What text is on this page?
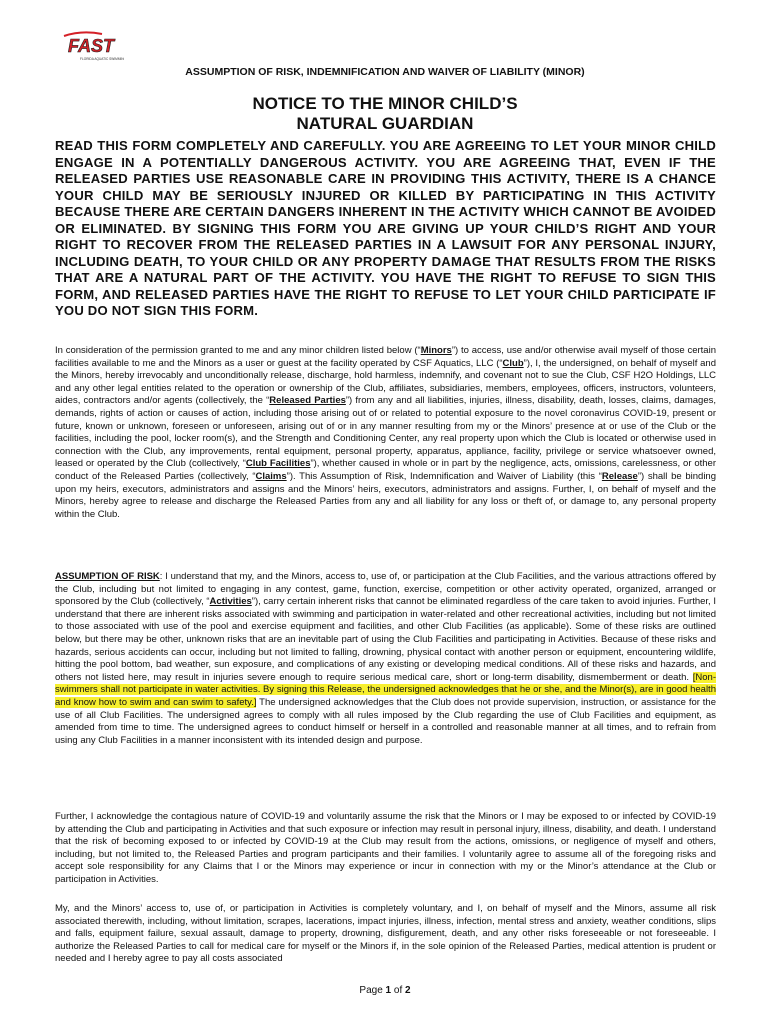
FAST
FLORIDA AQUATIC SWIMMING
ASSUMPTION OF RISK, INDEMNIFICATION AND WAIVER OF LIABILITY (MINOR)
NOTICE TO THE MINOR CHILD’S
NATURAL GUARDIAN
READ THIS FORM COMPLETELY AND CAREFULLY. YOU ARE AGREEING TO LET YOUR MINOR CHILD ENGAGE IN A POTENTIALLY DANGEROUS ACTIVITY. YOU ARE AGREEING THAT, EVEN IF THE RELEASED PARTIES USE REASONABLE CARE IN PROVIDING THIS ACTIVITY, THERE IS A CHANCE YOUR CHILD MAY BE SERIOUSLY INJURED OR KILLED BY PARTICIPATING IN THIS ACTIVITY BECAUSE THERE ARE CERTAIN DANGERS INHERENT IN THE ACTIVITY WHICH CANNOT BE AVOIDED OR ELIMINATED. BY SIGNING THIS FORM YOU ARE GIVING UP YOUR CHILD’S RIGHT AND YOUR RIGHT TO RECOVER FROM THE RELEASED PARTIES IN A LAWSUIT FOR ANY PERSONAL INJURY, INCLUDING DEATH, TO YOUR CHILD OR ANY PROPERTY DAMAGE THAT RESULTS FROM THE RISKS THAT ARE A NATURAL PART OF THE ACTIVITY. YOU HAVE THE RIGHT TO REFUSE TO SIGN THIS FORM, AND RELEASED PARTIES HAVE THE RIGHT TO REFUSE TO LET YOUR CHILD PARTICIPATE IF YOU DO NOT SIGN THIS FORM.
In consideration of the permission granted to me and any minor children listed below (“Minors”) to access, use and/or otherwise avail myself of those certain facilities available to me and the Minors as a user or guest at the facility operated by CSF Aquatics, LLC (“Club”), I, the undersigned, on behalf of myself and the Minors, hereby irrevocably and unconditionally release, discharge, hold harmless, indemnify, and covenant not to sue the Club, CSF H2O Holdings, LLC and any other legal entities related to the operation or ownership of the Club, affiliates, subsidiaries, members, employees, officers, instructors, volunteers, aides, contractors and/or agents (collectively, the “Released Parties”) from any and all liabilities, injuries, illness, disability, death, losses, claims, damages, demands, rights of action or causes of action, including those arising out of or related to potential exposure to the novel coronavirus COVID-19, present or future, known or unknown, foreseen or unforeseen, arising out of or in any manner resulting from my or the Minors’ presence at or use of the Club or the facilities, including the pool, locker room(s), and the Strength and Conditioning Center, any real property upon which the Club is located or otherwise used in connection with the Club, any improvements, rental equipment, personal property, apparatus, appliance, facility, privilege or service whatsoever owned, leased or operated by the Club (collectively, “Club Facilities”), whether caused in whole or in part by the negligence, acts, omissions, carelessness, or other conduct of the Released Parties (collectively, “Claims”). This Assumption of Risk, Indemnification and Waiver of Liability (this “Release”) shall be binding upon my heirs, executors, administrators and assigns and the Minors’ heirs, executors, administrators and assigns. Further, I, on behalf of myself and the Minors, hereby agree to release and discharge the Released Parties from any and all liability for any loss or theft of, or damage to, any personal property within the Club.
ASSUMPTION OF RISK: I understand that my, and the Minors, access to, use of, or participation at the Club Facilities, and the various attractions offered by the Club, including but not limited to engaging in any contest, game, function, exercise, competition or other activity operated, organized, arranged or sponsored by the Club (collectively, “Activities”), carry certain inherent risks that cannot be eliminated regardless of the care taken to avoid injuries. Further, I understand that there are inherent risks associated with swimming and participation in water-related and other recreational activities, including but not limited to those associated with use of the pool and exercise equipment and facilities, and other Club Facilities (as applicable). Some of these risks are outlined below, but there may be other, unknown risks that are an inevitable part of using the Club Facilities and participating in Activities. Because of these risks and hazards, serious accidents can occur, including but not limited to falling, drowning, physical contact with another person or equipment, encountering wildlife, hitting the pool bottom, bad weather, sun exposure, and complications of any existing or developing medical conditions. All of these risks and hazards, and others not listed here, may result in injuries severe enough to require serious medical care, short or long-term disability, dismemberment or death. [Non-swimmers shall not participate in water activities. By signing this Release, the undersigned acknowledges that he or she, and the Minor(s), are in good health and know how to swim and can swim to safety.] The undersigned acknowledges that the Club does not provide supervision, instruction, or assistance for the use of all Club Facilities. The undersigned agrees to comply with all rules imposed by the Club regarding the use of Club Facilities and equipment, as amended from time to time. The undersigned agrees to conduct himself or herself in a controlled and reasonable manner at all times, and to refrain from using any Club Facilities in a manner inconsistent with its intended design and purpose.
Further, I acknowledge the contagious nature of COVID-19 and voluntarily assume the risk that the Minors or I may be exposed to or infected by COVID-19 by attending the Club and participating in Activities and that such exposure or infection may result in personal injury, illness, disability, and death. I understand that the risk of becoming exposed to or infected by COVID-19 at the Club may result from the actions, omissions, or negligence of myself and others, including, but not limited to, the Released Parties and program participants and their families. I voluntarily agree to assume all of the foregoing risks and accept sole responsibility for any Claims that I or the Minors may experience or incur in connection with my or the Minor’s attendance at the Club or participation in Activities.
My, and the Minors’ access to, use of, or participation in Activities is completely voluntary, and I, on behalf of myself and the Minors, assume all risk associated therewith, including, without limitation, scrapes, lacerations, impact injuries, illness, infection, mental stress and anxiety, weather conditions, slips and falls, equipment failure, sexual assault, damage to property, drowning, disfigurement, death, and any other risks foreseeable or not foreseeable. I authorize the Released Parties to call for medical care for myself or the Minors if, in the sole opinion of the Released Parties, medical attention is prudent or needed and I hereby agree to pay all costs associated
Page 1 of 2
